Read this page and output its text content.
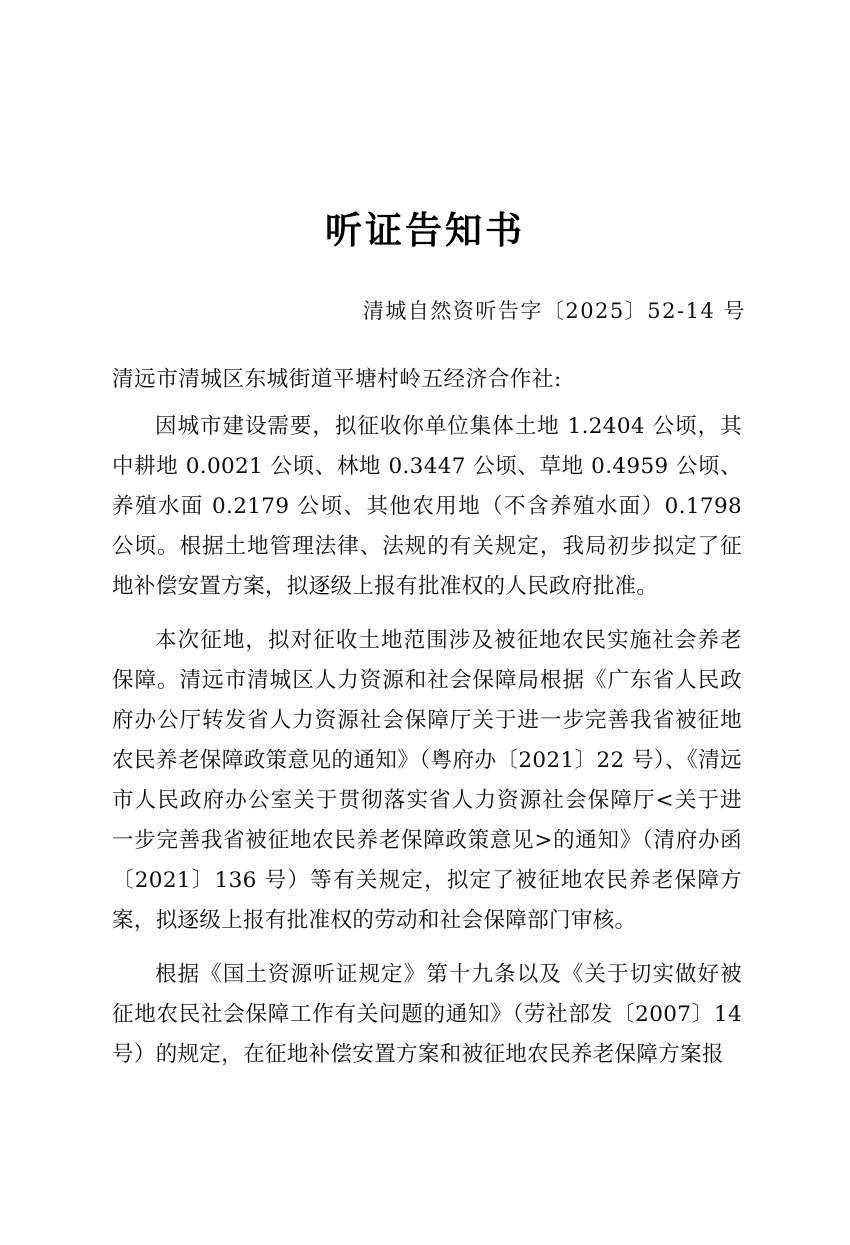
听证告知书
清城自然资听告字〔2025〕52-14 号
清远市清城区东城街道平塘村岭五经济合作社:

因城市建设需要，拟征收你单位集体土地 1.2404 公顷，其中耕地 0.0021 公顷、林地 0.3447 公顷、草地 0.4959 公顷、养殖水面 0.2179 公顷、其他农用地（不含养殖水面）0.1798 公顷。根据土地管理法律、法规的有关规定，我局初步拟定了征地补偿安置方案，拟逐级上报有批准权的人民政府批准。

本次征地，拟对征收土地范围涉及被征地农民实施社会养老保障。清远市清城区人力资源和社会保障局根据《广东省人民政府办公厅转发省人力资源社会保障厅关于进一步完善我省被征地农民养老保障政策意见的通知》（粤府办〔2021〕22 号）、《清远市人民政府办公室关于贯彻落实省人力资源社会保障厅<关于进一步完善我省被征地农民养老保障政策意见>的通知》（清府办函〔2021〕136 号）等有关规定，拟定了被征地农民养老保障方案，拟逐级上报有批准权的劳动和社会保障部门审核。

根据《国土资源听证规定》第十九条以及《关于切实做好被征地农民社会保障工作有关问题的通知》（劳社部发〔2007〕14 号）的规定，在征地补偿安置方案和被征地农民养老保障方案报
